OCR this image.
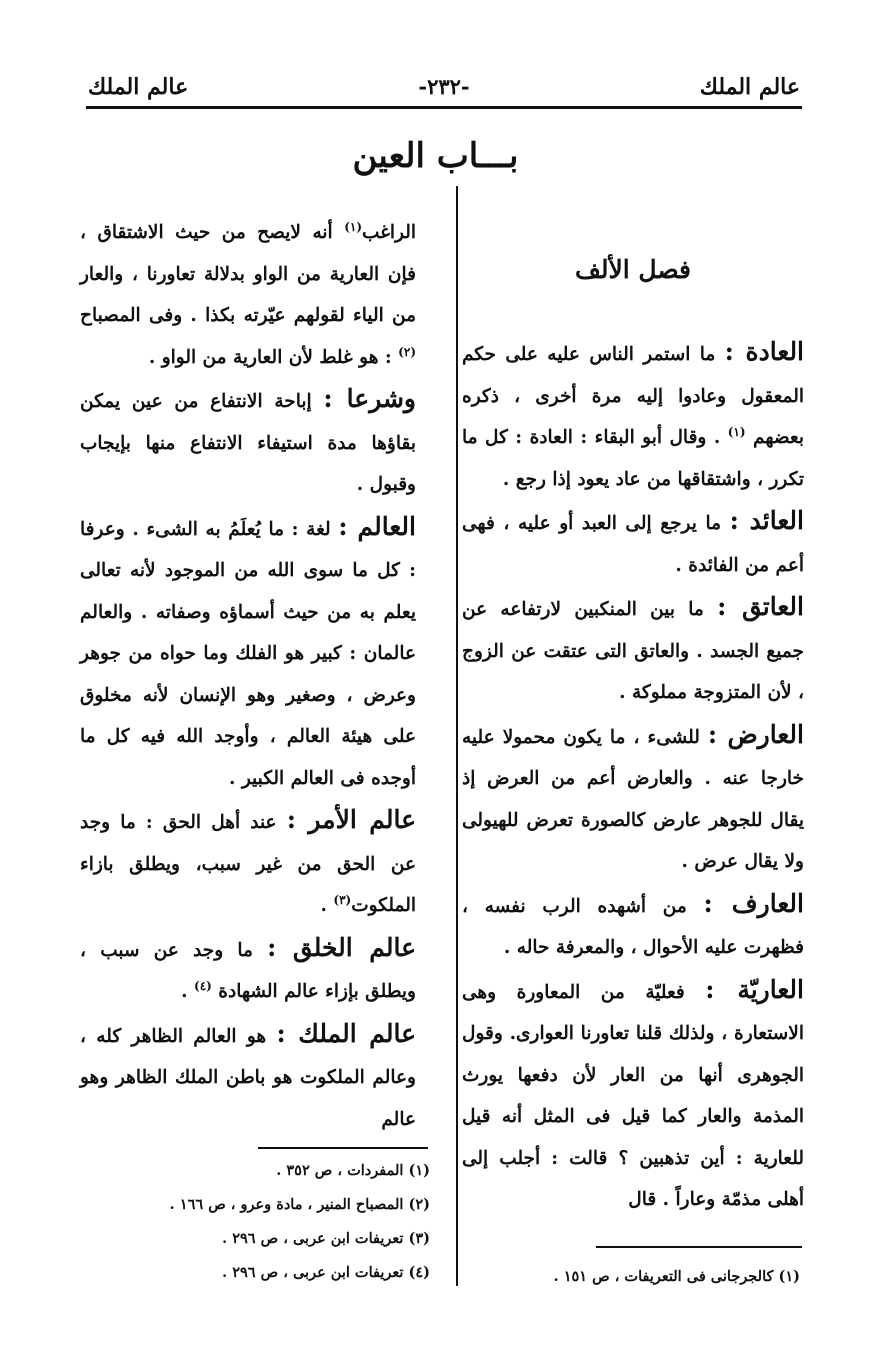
عالم الملك
-٢٣٢-
عالم الملك
بـــاب العين
فصل الألف

العادة : ما استمر الناس عليه على حكم المعقول وعادوا إليه مرة أخرى ، ذكره بعضهم $^{(١)}$ . وقال أبو البقاء : العادة : كل ما تكرر ، واشتقاقها من عاد يعود إذا رجع .

العائد : ما يرجع إلى العبد أو عليه ، فهى أعم من الفائدة .

العاتق : ما بين المنكبين لارتفاعه عن جميع الجسد . والعاتق التى عتقت عن الزوج ، لأن المتزوجة مملوكة .

العارض : للشىء ، ما يكون محمولا عليه خارجا عنه . والعارض أعم من العرض إذ يقال للجوهر عارض كالصورة تعرض للهيولى ولا يقال عرض .

العارف : من أشهده الرب نفسه ، فظهرت عليه الأحوال ، والمعرفة حاله .

العاريّة : فعليّة من المعاورة وهى الاستعارة ، ولذلك قلنا تعاورنا العوارى. وقول الجوهرى أنها من العار لأن دفعها يورث المذمة والعار كما قيل فى المثل أنه قيل للعارية : أين تذهبين ؟ قالت : أجلب إلى أهلى مذمّة وعاراً . قال

الراغب$^{(١)}$ أنه لايصح من حيث الاشتقاق ، فإن العارية من الواو بدلالة تعاورنا ، والعار من الياء لقولهم عيّرته بكذا . وفى المصباح $^{(٢)}$ : هو غلط لأن العارية من الواو .

وشرعا : إباحة الانتفاع من عين يمكن بقاؤها مدة استيفاء الانتفاع منها بإيجاب وقبول .

العالم : لغة : ما يُعلَمُ به الشىء . وعرفا : كل ما سوى الله من الموجود لأنه تعالى يعلم به من حيث أسماؤه وصفاته . والعالم عالمان : كبير هو الفلك وما حواه من جوهر وعرض ، وصغير وهو الإنسان لأنه مخلوق على هيئة العالم ، وأوجد الله فيه كل ما أوجده فى العالم الكبير .

عالم الأمر : عند أهل الحق : ما وجد عن الحق من غير سبب، ويطلق بازاء الملكوت$^{(٣)}$ .

عالم الخلق : ما وجد عن سبب ، ويطلق بإزاء عالم الشهادة $^{(٤)}$ .

عالم الملك : هو العالم الظاهر كله ، وعالم الملكوت هو باطن الملك الظاهر وهو عالم

(١) المفردات ، ص ٣٥٢ .

(٢) المصباح المنير ، مادة وعرو ، ص ١٦٦ .

(٣) تعريفات ابن عربى ، ص ٢٩٦ .

(٤) تعريفات ابن عربى ، ص ٢٩٦ .	(١) كالجرجانى فى التعريفات ، ص ١٥١ .
